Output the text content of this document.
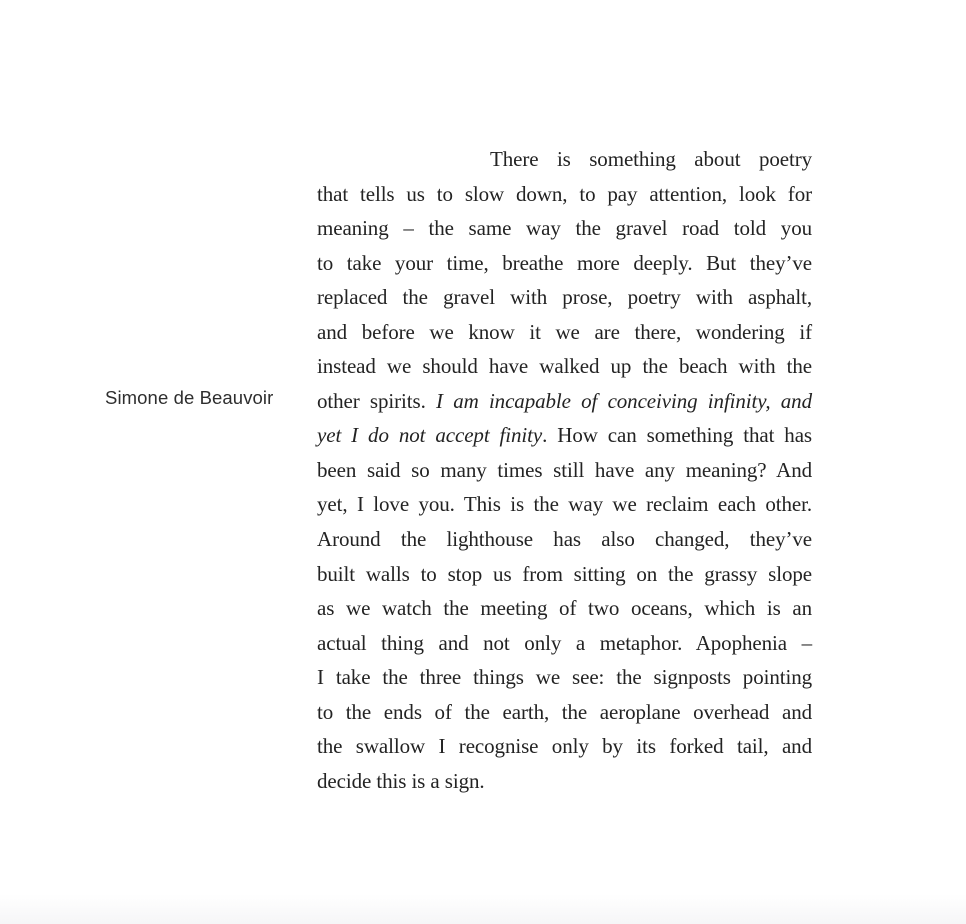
Simone de Beauvoir
There is something about poetry
that tells us to slow down, to pay attention, look for
meaning – the same way the gravel road told you
to take your time, breathe more deeply. But they’ve
replaced the gravel with prose, poetry with asphalt,
and before we know it we are there, wondering if
instead we should have walked up the beach with the
other spirits. I am incapable of conceiving infinity, and
yet I do not accept finity. How can something that has
been said so many times still have any meaning? And
yet, I love you. This is the way we reclaim each other.
Around the lighthouse has also changed, they’ve
built walls to stop us from sitting on the grassy slope
as we watch the meeting of two oceans, which is an
actual thing and not only a metaphor. Apophenia –
I take the three things we see: the signposts pointing
to the ends of the earth, the aeroplane overhead and
the swallow I recognise only by its forked tail, and
decide this is a sign.
